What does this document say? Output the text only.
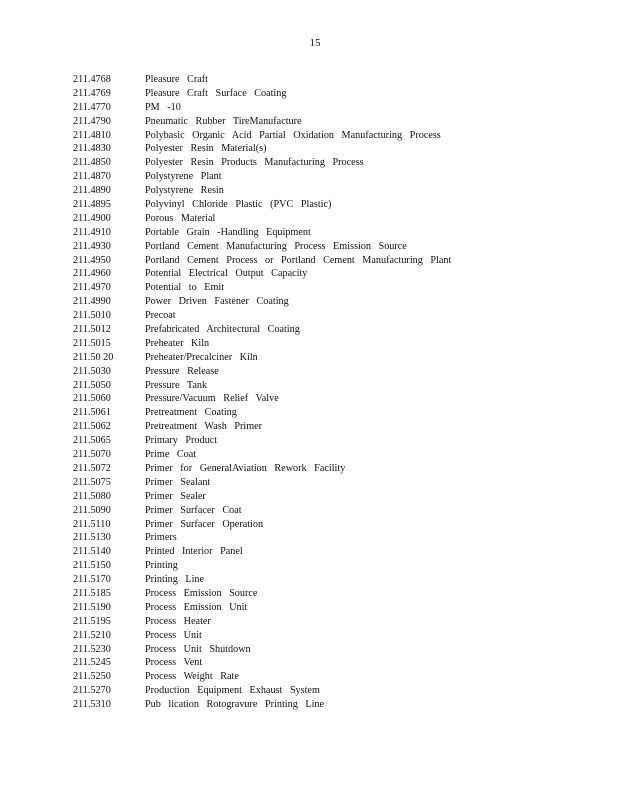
15
211.4768	Pleasure Craft
211.4769	Pleasure Craft Surface Coating
211.4770	PM -10
211.4790	Pneumatic Rubber TireManufacture
211.4810	Polybasic Organic Acid Partial Oxidation Manufacturing Process
211.4830	Polyester Resin Material(s)
211.4850	Polyester Resin Products Manufacturing Process
211.4870	Polystyrene Plant
211.4890	Polystyrene Resin
211.4895	Polyvinyl Chloride Plastic (PVC Plastic)
211.4900	Porous Material
211.4910	Portable Grain -Handling Equipment
211.4930	Portland Cement Manufacturing Process Emission Source
211.4950	Portland Cement Process or Portland Cement Manufacturing Plant
211.4960	Potential Electrical Output Capacity
211.4970	Potential to Emit
211.4990	Power Driven Fastener Coating
211.5010	Precoat
211.5012	Prefabricated Architectural Coating
211.5015	Preheater Kiln
211.50 20	Preheater/Precalciner Kiln
211.5030	Pressure Release
211.5050	Pressure Tank
211.5060	Pressure/Vacuum Relief Valve
211.5061	Pretreatment Coating
211.5062	Pretreatment Wash Primer
211.5065	Primary Product
211.5070	Prime Coat
211.5072	Primer for GeneralAviation Rework Facility
211.5075	Primer Sealant
211.5080	Primer Sealer
211.5090	Primer Surfacer Coat
211.5110	Primer Surfacer Operation
211.5130	Primers
211.5140	Printed Interior Panel
211.5150	Printing
211.5170	Printing Line
211.5185	Process Emission Source
211.5190	Process Emission Unit
211.5195	Process Heater
211.5210	Process Unit
211.5230	Process Unit Shutdown
211.5245	Process Vent
211.5250	Process Weight Rate
211.5270	Production Equipment Exhaust System
211.5310	Pub lication Rotogravure Printing Line
